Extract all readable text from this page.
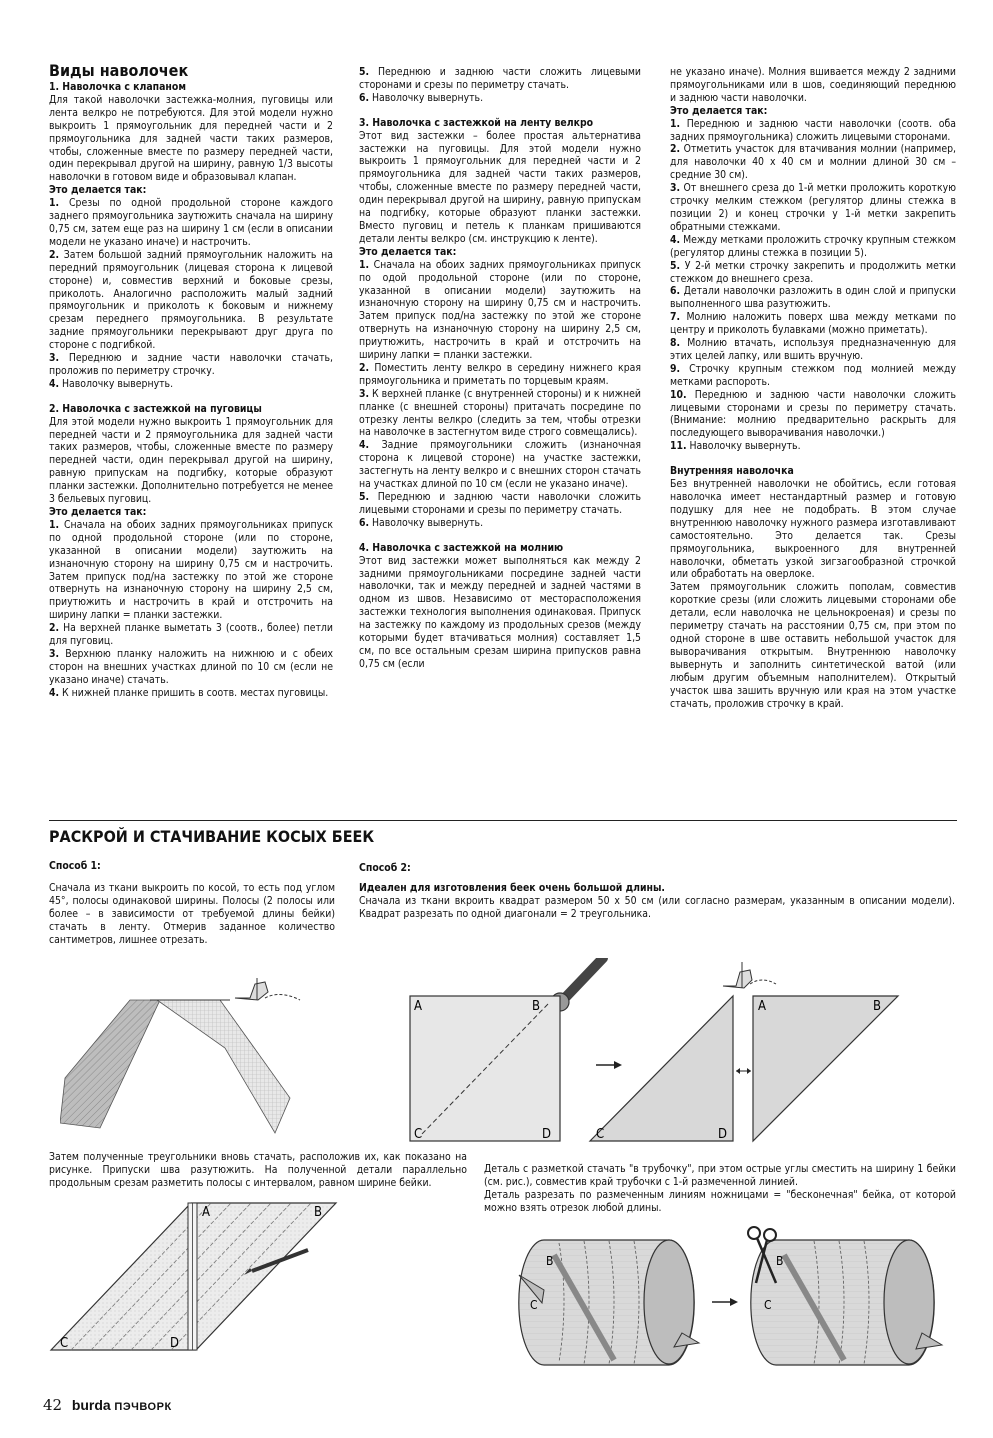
Виды наволочек

1. Наволочка с клапаном

Для такой наволочки застежка-молния, пуговицы или лента велкро не потребуются. Для этой модели нужно выкроить 1 прямоугольник для передней части и 2 прямоугольника для задней части таких размеров, чтобы, сложенные вместе по размеру передней части, один перекрывал другой на ширину, равную 1/3 высоты наволочки в готовом виде и образовывал клапан.

Это делается так:

1. Срезы по одной продольной стороне каждого заднего прямоугольника заутюжить сначала на ширину 0,75 см, затем еще раз на ширину 1 см (если в описании модели не указано иначе) и настрочить.

2. Затем большой задний прямоугольник наложить на передний прямоугольник (лицевая сторона к лицевой стороне) и, совместив верхний и боковые срезы, приколоть. Аналогично расположить малый задний прямоугольник и приколоть к боковым и нижнему срезам переднего прямоугольника. В результате задние прямоугольники перекрывают друг друга по стороне с подгибкой.

3. Переднюю и задние части наволочки стачать, проложив по периметру строчку.

4. Наволочку вывернуть.

2. Наволочка с застежкой на пуговицы

Для этой модели нужно выкроить 1 прямоугольник для передней части и 2 прямоугольника для задней части таких размеров, чтобы, сложенные вместе по размеру передней части, один перекрывал другой на ширину, равную припускам на подгибку, которые образуют планки застежки. Дополнительно потребуется не менее 3 бельевых пуговиц.

Это делается так:

1. Сначала на обоих задних прямоугольниках припуск по одной продольной стороне (или по стороне, указанной в описании модели) заутюжить на изнаночную сторону на ширину 0,75 см и настрочить. Затем припуск под/на застежку по этой же стороне отвернуть на изнаночную сторону на ширину 2,5 см, приутюжить и настрочить в край и отстрочить на ширину лапки = планки застежки.

2. На верхней планке выметать 3 (соотв., более) петли для пуговиц.

3. Верхнюю планку наложить на нижнюю и с обеих сторон на внешних участках длиной по 10 см (если не указано иначе) стачать.

4. К нижней планке пришить в соотв. местах пуговицы.

5. Переднюю и заднюю части сложить лицевыми сторонами и срезы по периметру стачать.

6. Наволочку вывернуть.

3. Наволочка с застежкой на ленту велкро

Этот вид застежки – более простая альтернатива застежки на пуговицы. Для этой модели нужно выкроить 1 прямоугольник для передней части и 2 прямоугольника для задней части таких размеров, чтобы, сложенные вместе по размеру передней части, один перекрывал другой на ширину, равную припускам на подгибку, которые образуют планки застежки. Вместо пуговиц и петель к планкам пришиваются детали ленты велкро (см. инструкцию к ленте).

Это делается так:

1. Сначала на обоих задних прямоугольниках припуск по одой продольной стороне (или по стороне, указанной в описании модели) заутюжить на изнаночную сторону на ширину 0,75 см и настрочить. Затем припуск под/на застежку по этой же стороне отвернуть на изнаночную сторону на ширину 2,5 см, приутюжить, настрочить в край и отстрочить на ширину лапки = планки застежки.

2. Поместить ленту велкро в середину нижнего края прямоугольника и приметать по торцевым краям.

3. К верхней планке (с внутренней стороны) и к нижней планке (с внешней стороны) притачать посредине по отрезку ленты велкро (следить за тем, чтобы отрезки на наволочке в застегнутом виде строго совмещались).

4. Задние прямоугольники сложить (изнаночная сторона к лицевой стороне) на участке застежки, застегнуть на ленту велкро и с внешних сторон стачать на участках длиной по 10 см (если не указано иначе).

5. Переднюю и заднюю части наволочки сложить лицевыми сторонами и срезы по периметру стачать.

6. Наволочку вывернуть.

4. Наволочка с застежкой на молнию

Этот вид застежки может выполняться как между 2 задними прямоугольниками посредине задней части наволочки, так и между передней и задней частями в одном из швов. Независимо от месторасположения застежки технология выполнения одинаковая. Припуск на застежку по каждому из продольных срезов (между которыми будет втачиваться молния) составляет 1,5 см, по все остальным срезам ширина припусков равна 0,75 см (если

не указано иначе). Молния вшивается между 2 задними прямоугольниками или в шов, соединяющий переднюю и заднюю части наволочки.

Это делается так:

1. Переднюю и заднюю части наволочки (соотв. оба задних прямоугольника) сложить лицевыми сторонами.

2. Отметить участок для втачивания молнии (например, для наволочки 40 x 40 см и молнии длиной 30 см – средние 30 см).

3. От внешнего среза до 1-й метки проложить короткую строчку мелким стежком (регулятор длины стежка в позиции 2) и конец строчки у 1-й метки закрепить обратными стежками.

4. Между метками проложить строчку крупным стежком (регулятор длины стежка в позиции 5).

5. У 2-й метки строчку закрепить и продолжить метки стежком до внешнего среза.

6. Детали наволочки разложить в один слой и припуски выполненного шва разутюжить.

7. Молнию наложить поверх шва между метками по центру и приколоть булавками (можно приметать).

8. Молнию втачать, используя предназначенную для этих целей лапку, или вшить вручную.

9. Строчку крупным стежком под молнией между метками распороть.

10. Переднюю и заднюю части наволочки сложить лицевыми сторонами и срезы по периметру стачать. (Внимание: молнию предварительно раскрыть для последующего выворачивания наволочки.)

11. Наволочку вывернуть.

Внутренняя наволочка

Без внутренней наволочки не обойтись, если готовая наволочка имеет нестандартный размер и готовую подушку для нее не подобрать. В этом случае внутреннюю наволочку нужного размера изготавливают самостоятельно. Это делается так. Срезы прямоугольника, выкроенного для внутренней наволочки, обметать узкой зигзагообразной строчкой или обработать на оверлоке.

Затем прямоугольник сложить пополам, совместив короткие срезы (или сложить лицевыми сторонами обе детали, если наволочка не цельнокроеная) и срезы по периметру стачать на расстоянии 0,75 см, при этом по одной стороне в шве оставить небольшой участок для выворачивания открытым. Внутреннюю наволочку вывернуть и заполнить синтетической ватой (или любым другим объемным наполнителем). Открытый участок шва зашить вручную или края на этом участке стачать, проложив строчку в край.

РАСКРОЙ И СТАЧИВАНИЕ КОСЫХ БЕЕК
Способ 1:
Сначала из ткани выкроить по косой, то есть под углом 45°, полосы одинаковой ширины. Полосы (2 полосы или более – в зависимости от требуемой длины бейки) стачать в ленту. Отмерив заданное количество сантиметров, лишнее отрезать.
Способ 2:
Идеален для изготовления беек очень большой длины.
Сначала из ткани вкроить квадрат размером 50 x 50 см (или согласно размерам, указанным в описании модели). Квадрат разрезать по одной диагонали = 2 треугольника.
A	B
C	D	C	D
A	B
Затем полученные треугольники вновь стачать, расположив их, как показано на рисунке. Припуски шва разутюжить. На полученной детали параллельно продольным срезам разметить полосы с интервалом, равном ширине бейки.
Деталь с разметкой стачать "в трубочку", при этом острые углы сместить на ширину 1 бейки (см. рис.), совместив край трубочки с 1-й размеченной линией.
Деталь разрезать по размеченным линиям ножницами = "бесконечная" бейка, от которой можно взять отрезок любой длины.
A	B
C	D
B
C
B
C
42 burda ПЭЧВОРК
